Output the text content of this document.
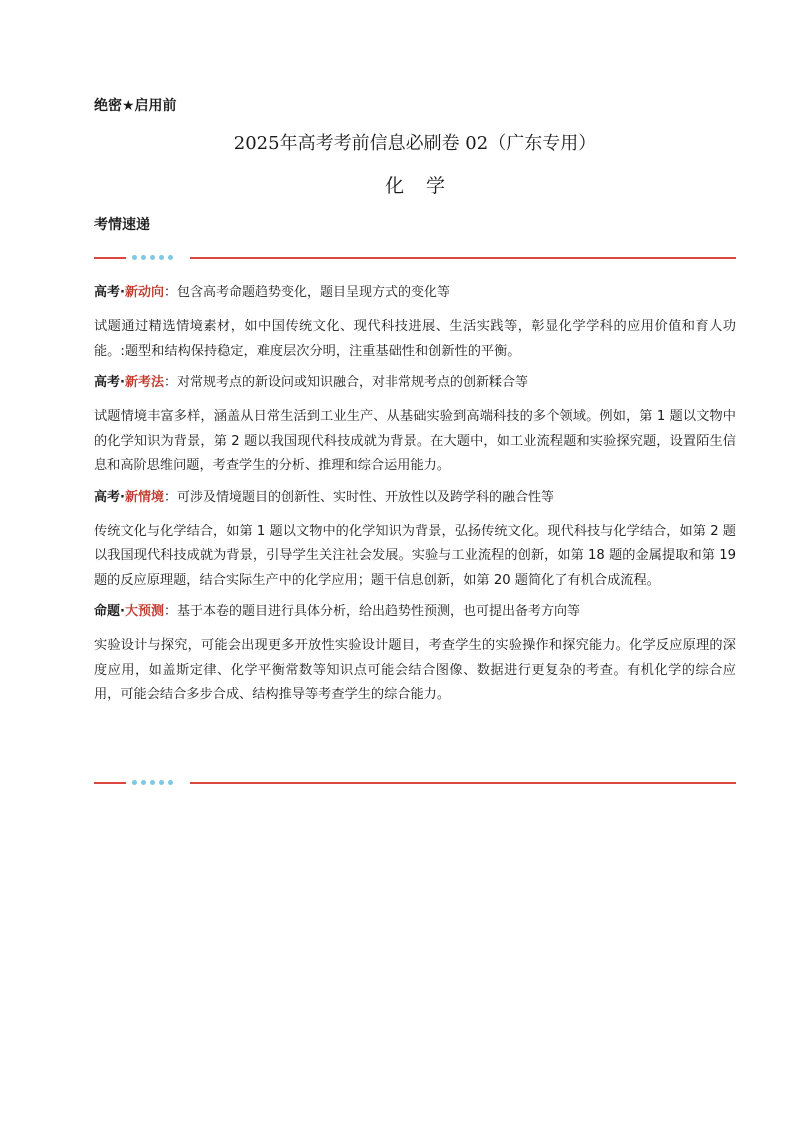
绝密★启用前
2025年高考考前信息必刷卷 02（广东专用）
化学
考情速递
高考·新动向：包含高考命题趋势变化，题目呈现方式的变化等

试题通过精选情境素材，如中国传统文化、现代科技进展、生活实践等，彰显化学学科的应用价值和育人功能。:题型和结构保持稳定，难度层次分明，注重基础性和创新性的平衡。

高考·新考法：对常规考点的新设问或知识融合，对非常规考点的创新糅合等

试题情境丰富多样，涵盖从日常生活到工业生产、从基础实验到高端科技的多个领域。例如，第 1 题以文物中的化学知识为背景，第 2 题以我国现代科技成就为背景。在大题中，如工业流程题和实验探究题，设置陌生信息和高阶思维问题，考查学生的分析、推理和综合运用能力。

高考·新情境：可涉及情境题目的创新性、实时性、开放性以及跨学科的融合性等

传统文化与化学结合，如第 1 题以文物中的化学知识为背景，弘扬传统文化。现代科技与化学结合，如第 2 题以我国现代科技成就为背景，引导学生关注社会发展。实验与工业流程的创新，如第 18 题的金属提取和第 19 题的反应原理题，结合实际生产中的化学应用；题干信息创新，如第 20 题简化了有机合成流程。

命题·大预测：基于本卷的题目进行具体分析，给出趋势性预测，也可提出备考方向等

实验设计与探究，可能会出现更多开放性实验设计题目，考查学生的实验操作和探究能力。化学反应原理的深度应用，如盖斯定律、化学平衡常数等知识点可能会结合图像、数据进行更复杂的考查。有机化学的综合应用，可能会结合多步合成、结构推导等考查学生的综合能力。
